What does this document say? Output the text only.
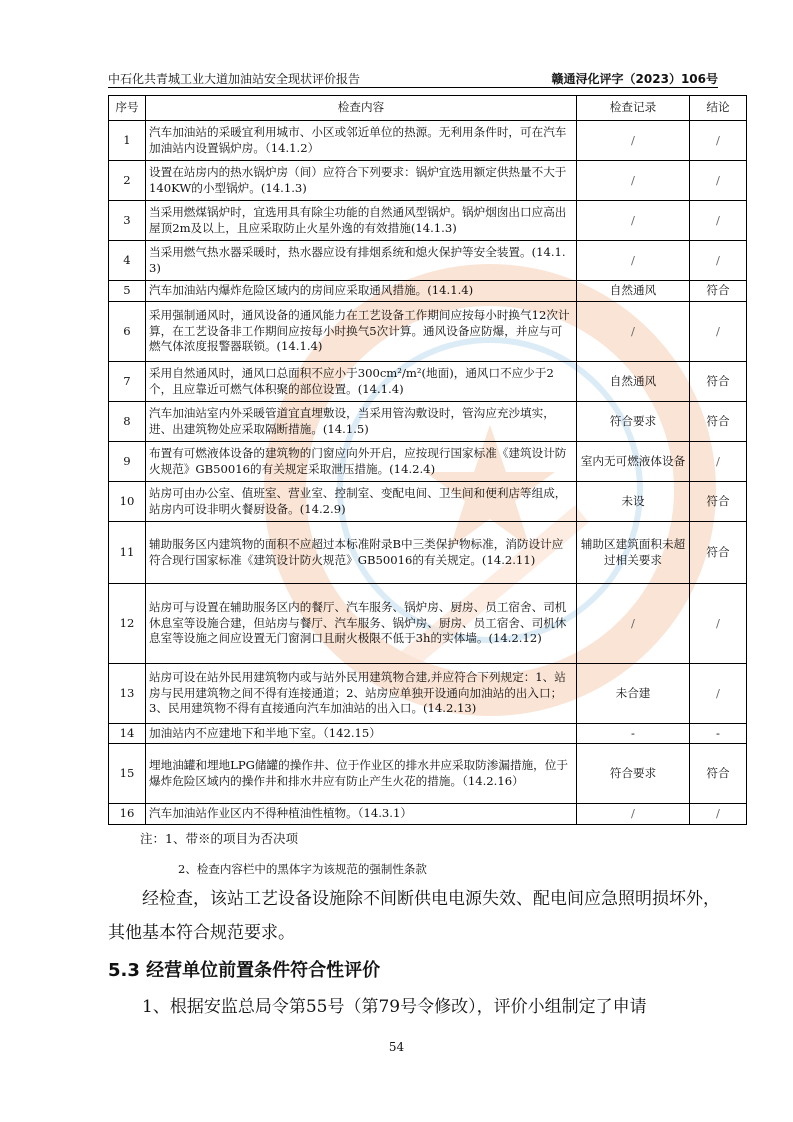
中石化共青城工业大道加油站安全现状评价报告	赣通浔化评字（2023）106号
序号	检查内容	检查记录	结论
1	汽车加油站的采暖宜利用城市、小区或邻近单位的热源。无利用条件时，可在汽车加油站内设置锅炉房。（14.1.2）	/	/
2	设置在站房内的热水锅炉房（间）应符合下列要求：锅炉宜选用额定供热量不大于140KW的小型锅炉。(14.1.3)	/	/
3	当采用燃煤锅炉时，宜选用具有除尘功能的自然通风型锅炉。锅炉烟囱出口应高出屋顶2m及以上，且应采取防止火星外逸的有效措施(14.1.3)	/	/
4	当采用燃气热水器采暖时，热水器应设有排烟系统和熄火保护等安全装置。(14.1.3)	/	/
5	汽车加油站内爆炸危险区域内的房间应采取通风措施。(14.1.4)	自然通风	符合
6	采用强制通风时，通风设备的通风能力在工艺设备工作期间应按每小时换气12次计算，在工艺设备非工作期间应按每小时换气5次计算。通风设备应防爆，并应与可燃气体浓度报警器联锁。(14.1.4)	/	/
7	采用自然通风时，通风口总面积不应小于300cm²/m²(地面)，通风口不应少于2个，且应靠近可燃气体积聚的部位设置。(14.1.4)	自然通风	符合
8	汽车加油站室内外采暖管道宜直埋敷设，当采用管沟敷设时，管沟应充沙填实，进、出建筑物处应采取隔断措施。(14.1.5)	符合要求	符合
9	布置有可燃液体设备的建筑物的门窗应向外开启，应按现行国家标准《建筑设计防火规范》GB50016的有关规定采取泄压措施。(14.2.4)	室内无可燃液体设备	/
10	站房可由办公室、值班室、营业室、控制室、变配电间、卫生间和便利店等组成，站房内可设非明火餐厨设备。(14.2.9)	未设	符合
11	辅助服务区内建筑物的面积不应超过本标准附录B中三类保护物标准，消防设计应符合现行国家标准《建筑设计防火规范》GB50016的有关规定。(14.2.11)	辅助区建筑面积未超过相关要求	符合
12	站房可与设置在辅助服务区内的餐厅、汽车服务、锅炉房、厨房、员工宿舍、司机休息室等设施合建，但站房与餐厅、汽车服务、锅炉房、厨房、员工宿舍、司机休息室等设施之间应设置无门窗洞口且耐火极限不低于3h的实体墙。(14.2.12)	/	/
13	站房可设在站外民用建筑物内或与站外民用建筑物合建,并应符合下列规定：1、站房与民用建筑物之间不得有连接通道；2、站房应单独开设通向加油站的出入口；3、民用建筑物不得有直接通向汽车加油站的出入口。(14.2.13)	未合建	/
14	加油站内不应建地下和半地下室。（142.15）	-	-
15	埋地油罐和埋地LPG储罐的操作井、位于作业区的排水井应采取防渗漏措施，位于爆炸危险区域内的操作井和排水井应有防止产生火花的措施。（14.2.16）	符合要求	符合
16	汽车加油站作业区内不得种植油性植物。（14.3.1）	/	/
注：1、带※的项目为否决项
2、检查内容栏中的黑体字为该规范的强制性条款

经检查，该站工艺设备设施除不间断供电电源失效、配电间应急照明损坏外，其他基本符合规范要求。

5.3 经营单位前置条件符合性评价

1、根据安监总局令第55号（第79号令修改），评价小组制定了申请

54
